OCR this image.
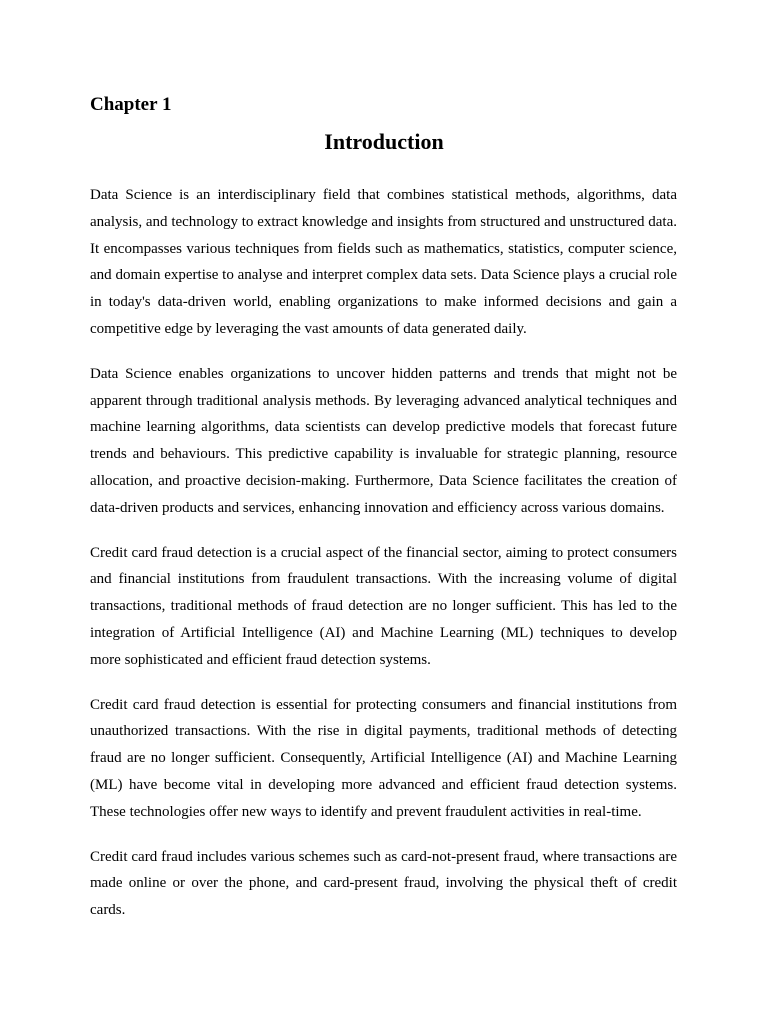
Chapter 1
Introduction

Data Science is an interdisciplinary field that combines statistical methods, algorithms, data analysis, and technology to extract knowledge and insights from structured and unstructured data. It encompasses various techniques from fields such as mathematics, statistics, computer science, and domain expertise to analyse and interpret complex data sets. Data Science plays a crucial role in today's data-driven world, enabling organizations to make informed decisions and gain a competitive edge by leveraging the vast amounts of data generated daily.

Data Science enables organizations to uncover hidden patterns and trends that might not be apparent through traditional analysis methods. By leveraging advanced analytical techniques and machine learning algorithms, data scientists can develop predictive models that forecast future trends and behaviours. This predictive capability is invaluable for strategic planning, resource allocation, and proactive decision-making. Furthermore, Data Science facilitates the creation of data-driven products and services, enhancing innovation and efficiency across various domains.

Credit card fraud detection is a crucial aspect of the financial sector, aiming to protect consumers and financial institutions from fraudulent transactions. With the increasing volume of digital transactions, traditional methods of fraud detection are no longer sufficient. This has led to the integration of Artificial Intelligence (AI) and Machine Learning (ML) techniques to develop more sophisticated and efficient fraud detection systems.

Credit card fraud detection is essential for protecting consumers and financial institutions from unauthorized transactions. With the rise in digital payments, traditional methods of detecting fraud are no longer sufficient. Consequently, Artificial Intelligence (AI) and Machine Learning (ML) have become vital in developing more advanced and efficient fraud detection systems. These technologies offer new ways to identify and prevent fraudulent activities in real-time.

Credit card fraud includes various schemes such as card-not-present fraud, where transactions are made online or over the phone, and card-present fraud, involving the physical theft of credit cards.
